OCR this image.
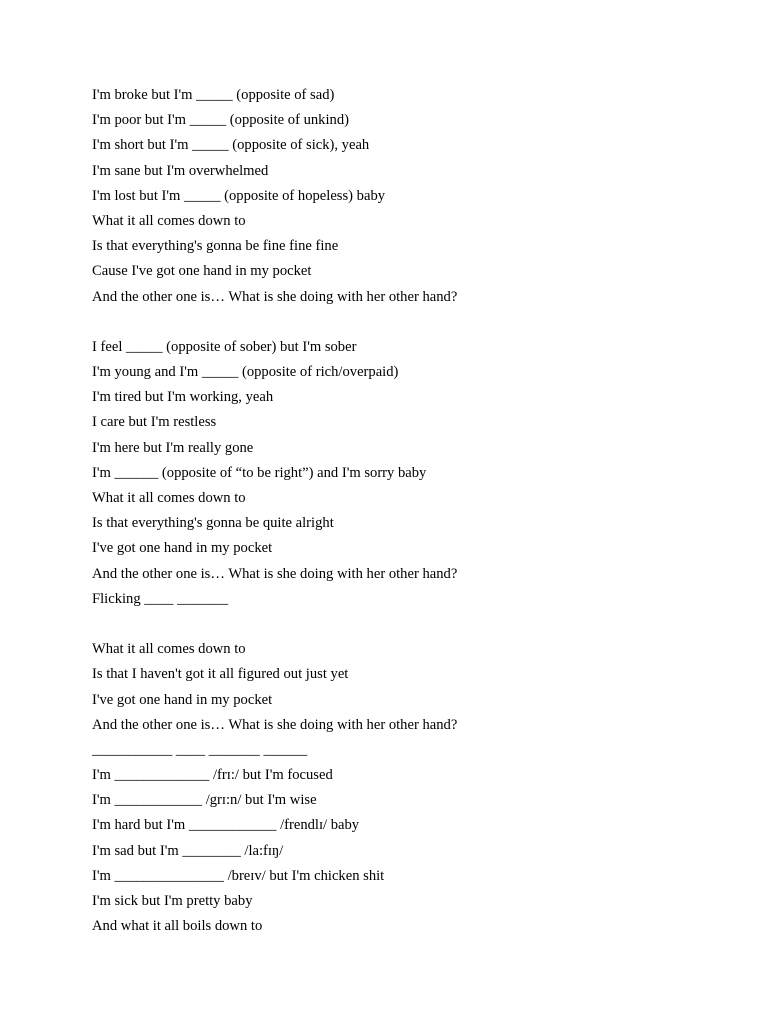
I'm broke but I'm _____ (opposite of sad)
I'm poor but I'm _____ (opposite of unkind)
I'm short but I'm _____ (opposite of sick), yeah
I'm sane but I'm overwhelmed
I'm lost but I'm _____ (opposite of hopeless) baby
What it all comes down to
Is that everything's gonna be fine fine fine
Cause I've got one hand in my pocket
And the other one is… What is she doing with her other hand?
I feel _____ (opposite of sober) but I'm sober
I'm young and I'm _____ (opposite of rich/overpaid)
I'm tired but I'm working, yeah
I care but I'm restless
I'm here but I'm really gone
I'm ______ (opposite of “to be right”) and I'm sorry baby
What it all comes down to
Is that everything's gonna be quite alright
I've got one hand in my pocket
And the other one is… What is she doing with her other hand?
Flicking ____ _______
What it all comes down to
Is that I haven't got it all figured out just yet
I've got one hand in my pocket
And the other one is… What is she doing with her other hand?
___________ ____ _______ ______
I'm _____________ /frɪ:/ but I'm focused
I'm ____________ /grɪ:n/ but I'm wise
I'm hard but I'm ____________ /frendlɪ/ baby
I'm sad but I'm ________ /la:fɪŋ/
I'm _______________ /breɪv/ but I'm chicken shit
I'm sick but I'm pretty baby
And what it all boils down to
